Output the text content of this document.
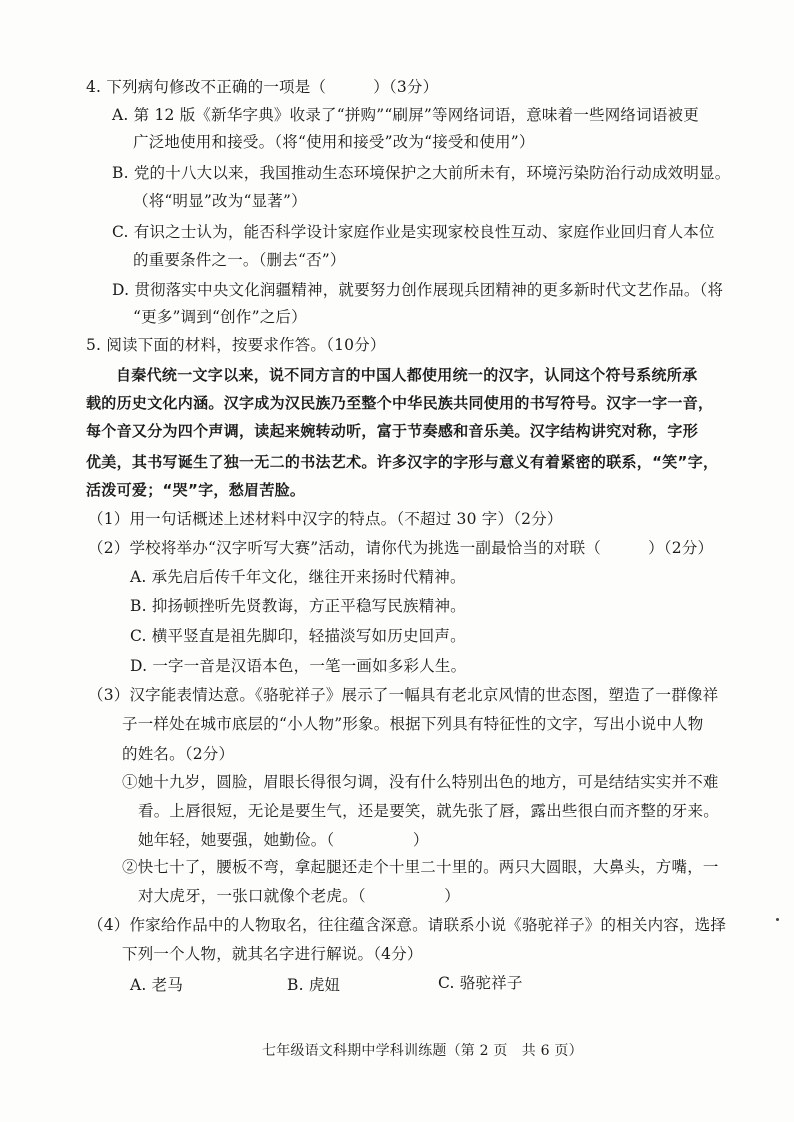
4. 下列病句修改不正确的一项是（　　　）（3分）
A. 第 12 版《新华字典》收录了“拼购”“刷屏”等网络词语，意味着一些网络词语被更
广泛地使用和接受。（将“使用和接受”改为“接受和使用”）
B. 党的十八大以来，我国推动生态环境保护之大前所未有，环境污染防治行动成效明显。
（将“明显”改为“显著”）
C. 有识之士认为，能否科学设计家庭作业是实现家校良性互动、家庭作业回归育人本位
的重要条件之一。（删去“否”）
D. 贯彻落实中央文化润疆精神，就要努力创作展现兵团精神的更多新时代文艺作品。（将
“更多”调到“创作”之后）
5. 阅读下面的材料，按要求作答。（10分）
自秦代统一文字以来，说不同方言的中国人都使用统一的汉字，认同这个符号系统所承
载的历史文化内涵。汉字成为汉民族乃至整个中华民族共同使用的书写符号。汉字一字一音，
每个音又分为四个声调，读起来婉转动听，富于节奏感和音乐美。汉字结构讲究对称，字形
优美，其书写诞生了独一无二的书法艺术。许多汉字的字形与意义有着紧密的联系，“笑”字，
活泼可爱；“哭”字，愁眉苦脸。
（1）用一句话概述上述材料中汉字的特点。（不超过 30 字）（2分）
（2）学校将举办“汉字听写大赛”活动，请你代为挑选一副最恰当的对联（　　　）（2分）
A. 承先启后传千年文化，继往开来扬时代精神。
B. 抑扬顿挫听先贤教诲，方正平稳写民族精神。
C. 横平竖直是祖先脚印，轻描淡写如历史回声。
D. 一字一音是汉语本色，一笔一画如多彩人生。
（3）汉字能表情达意。《骆驼祥子》展示了一幅具有老北京风情的世态图，塑造了一群像祥
子一样处在城市底层的“小人物”形象。根据下列具有特征性的文字，写出小说中人物
的姓名。（2分）
①她十九岁，圆脸，眉眼长得很匀调，没有什么特别出色的地方，可是结结实实并不难
看。上唇很短，无论是要生气，还是要笑，就先张了唇，露出些很白而齐整的牙来。
她年轻，她要强，她勤俭。（　　　　　）
②快七十了，腰板不弯，拿起腿还走个十里二十里的。两只大圆眼，大鼻头，方嘴，一
对大虎牙，一张口就像个老虎。（　　　　　）
（4）作家给作品中的人物取名，往往蕴含深意。请联系小说《骆驼祥子》的相关内容，选择
下列一个人物，就其名字进行解说。（4分）
A. 老马	B. 虎妞	C. 骆驼祥子
七年级语文科期中学科训练题（第 2 页　共 6 页）
